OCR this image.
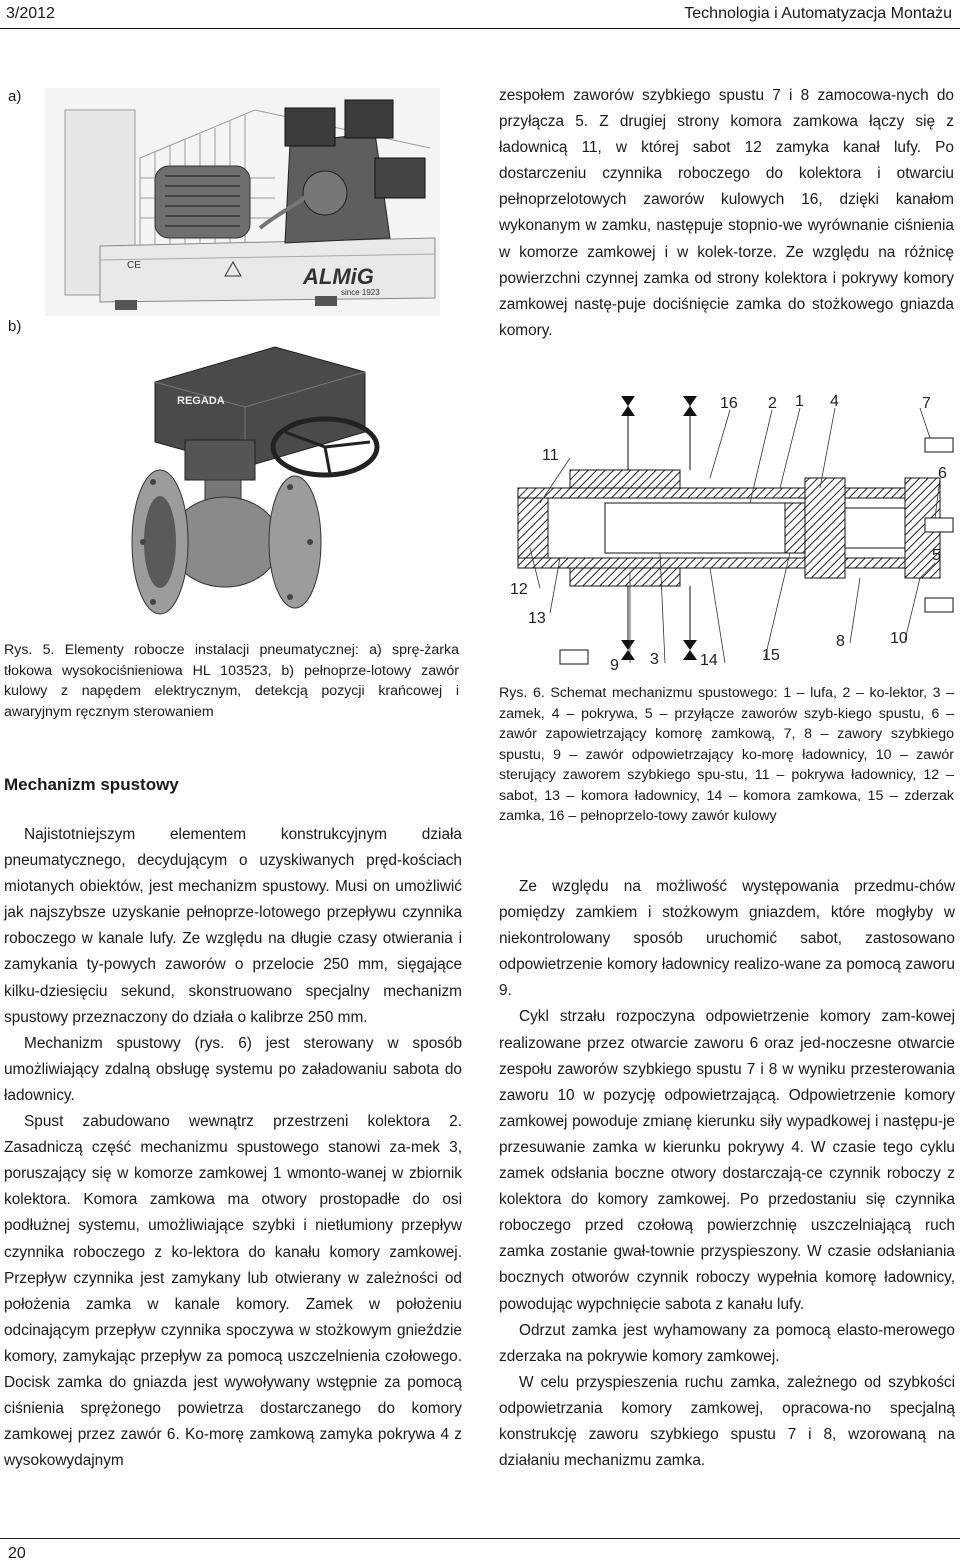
3/2012	Technologia i Automatyzacja Montażu
a)
b)
ALMiG
since 1923
CE
REGADA

zespołem zaworów szybkiego spustu 7 i 8 zamocowa-nych do przyłącza 5. Z drugiej strony komora zamkowa łączy się z ładownicą 11, w której sabot 12 zamyka kanał lufy. Po dostarczeniu czynnika roboczego do kolektora i otwarciu pełnoprzelotowych zaworów kulowych 16, dzięki kanałom wykonanym w zamku, następuje stopnio-we wyrównanie ciśnienia w komorze zamkowej i w kolek-torze. Ze względu na różnicę powierzchni czynnej zamka od strony kolektora i pokrywy komory zamkowej nastę-puje dociśnięcie zamka do stożkowego gniazda komory.

16 2 1 4	7
11
6
5
12
13
9 3	14	15
8	10
Rys. 5. Elementy robocze instalacji pneumatycznej: a) sprę-żarka tłokowa wysokociśnieniowa HL 103523, b) pełnoprze-lotowy zawór kulowy z napędem elektrycznym, detekcją pozycji krańcowej i awaryjnym ręcznym sterowaniem
Rys. 6. Schemat mechanizmu spustowego: 1 – lufa, 2 – ko-lektor, 3 – zamek, 4 – pokrywa, 5 – przyłącze zaworów szyb-kiego spustu, 6 – zawór zapowietrzający komorę zamkową, 7, 8 – zawory szybkiego spustu, 9 – zawór odpowietrzający ko-morę ładownicy, 10 – zawór sterujący zaworem szybkiego spu-stu, 11 – pokrywa ładownicy, 12 – sabot, 13 – komora ładownicy, 14 – komora zamkowa, 15 – zderzak zamka, 16 – pełnoprzelo-towy zawór kulowy
Mechanizm spustowy

Najistotniejszym elementem konstrukcyjnym działa pneumatycznego, decydującym o uzyskiwanych pręd-kościach miotanych obiektów, jest mechanizm spustowy. Musi on umożliwić jak najszybsze uzyskanie pełnoprze-lotowego przepływu czynnika roboczego w kanale lufy. Ze względu na długie czasy otwierania i zamykania ty-powych zaworów o przelocie 250 mm, sięgające kilku-dziesięciu sekund, skonstruowano specjalny mechanizm spustowy przeznaczony do działa o kalibrze 250 mm.

Mechanizm spustowy (rys. 6) jest sterowany w sposób umożliwiający zdalną obsługę systemu po załadowaniu sabota do ładownicy.

Spust zabudowano wewnątrz przestrzeni kolektora 2. Zasadniczą część mechanizmu spustowego stanowi za-mek 3, poruszający się w komorze zamkowej 1 wmonto-wanej w zbiornik kolektora. Komora zamkowa ma otwory prostopadłe do osi podłużnej systemu, umożliwiające szybki i nietłumiony przepływ czynnika roboczego z ko-lektora do kanału komory zamkowej. Przepływ czynnika jest zamykany lub otwierany w zależności od położenia zamka w kanale komory. Zamek w położeniu odcinającym przepływ czynnika spoczywa w stożkowym gnieździe komory, zamykając przepływ za pomocą uszczelnienia czołowego. Docisk zamka do gniazda jest wywoływany wstępnie za pomocą ciśnienia sprężonego powietrza dostarczanego do komory zamkowej przez zawór 6. Ko-morę zamkową zamyka pokrywa 4 z wysokowydajnym

Ze względu na możliwość występowania przedmu-chów pomiędzy zamkiem i stożkowym gniazdem, które mogłyby w niekontrolowany sposób uruchomić sabot, zastosowano odpowietrzenie komory ładownicy realizo-wane za pomocą zaworu 9.

Cykl strzału rozpoczyna odpowietrzenie komory zam-kowej realizowane przez otwarcie zaworu 6 oraz jed-noczesne otwarcie zespołu zaworów szybkiego spustu 7 i 8 w wyniku przesterowania zaworu 10 w pozycję odpowietrzającą. Odpowietrzenie komory zamkowej powoduje zmianę kierunku siły wypadkowej i następu-je przesuwanie zamka w kierunku pokrywy 4. W czasie tego cyklu zamek odsłania boczne otwory dostarczają-ce czynnik roboczy z kolektora do komory zamkowej. Po przedostaniu się czynnika roboczego przed czołową powierzchnię uszczelniającą ruch zamka zostanie gwał-townie przyspieszony. W czasie odsłaniania bocznych otworów czynnik roboczy wypełnia komorę ładownicy, powodując wypchnięcie sabota z kanału lufy.

Odrzut zamka jest wyhamowany za pomocą elasto-merowego zderzaka na pokrywie komory zamkowej.

W celu przyspieszenia ruchu zamka, zależnego od szybkości odpowietrzania komory zamkowej, opracowa-no specjalną konstrukcję zaworu szybkiego spustu 7 i 8, wzorowaną na działaniu mechanizmu zamka.

20
